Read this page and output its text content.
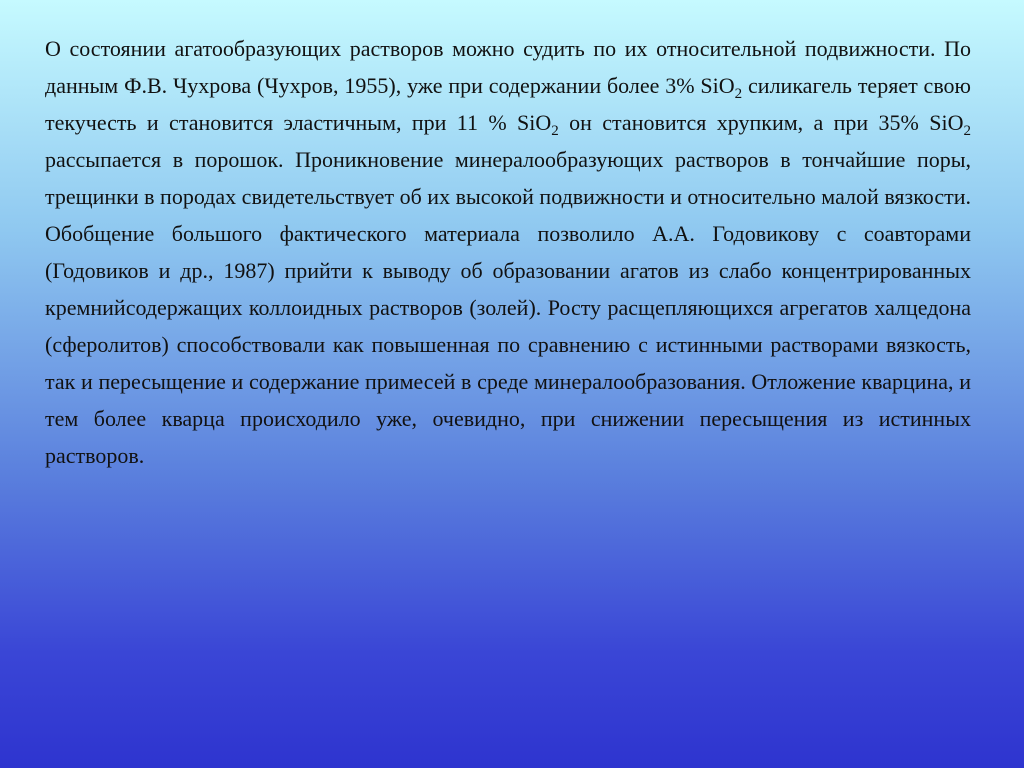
О состоянии агатообразующих растворов можно судить по их относительной подвижности. По данным Ф.В. Чухрова (Чухров, 1955), уже при содержании более 3% SiO$_2$ силикагель теряет свою текучесть и становится эластичным, при 11 % SiO$_2$ он становится хрупким, а при 35% SiO$_2$ рассыпается в порошок. Проникновение минералообразующих растворов в тончайшие поры, трещинки в породах свидетельствует об их высокой подвижности и относительно малой вязкости. Обобщение большого фактического материала позволило А.А. Годовикову с соавторами (Годовиков и др., 1987) прийти к выводу об образовании агатов из слабо концентрированных кремнийсодержащих коллоидных растворов (золей). Росту расщепляющихся агрегатов халцедона (сферолитов) способствовали как повышенная по сравнению с истинными растворами вязкость, так и пересыщение и содержание примесей в среде минералообразования. Отложение кварцина, и тем более кварца происходило уже, очевидно, при снижении пересыщения из истинных растворов.
